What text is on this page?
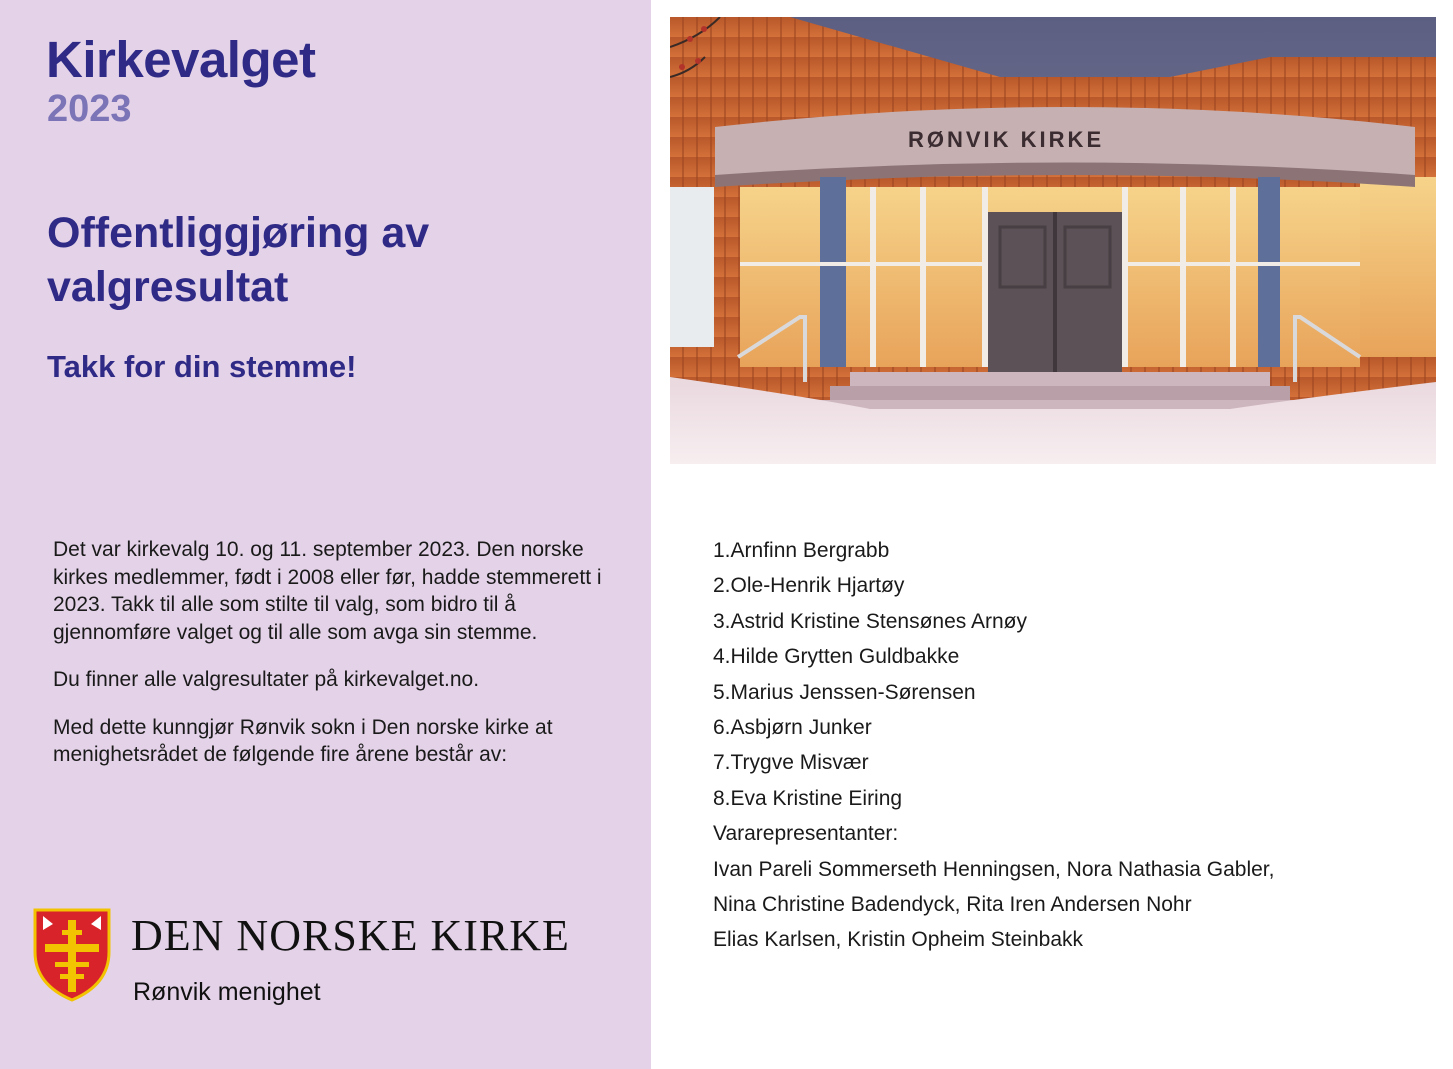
Kirkevalget
2023
Offentliggjøring av valgresultat
Takk for din stemme!

Det var kirkevalg 10. og 11. september 2023. Den norske kirkes medlemmer, født i 2008 eller før, hadde stemmerett i 2023. Takk til alle som stilte til valg, som bidro til å gjennomføre valget og til alle som avga sin stemme.

Du finner alle valgresultater på kirkevalget.no.

Med dette kunngjør Rønvik sokn i Den norske kirke at menighetsrådet de følgende fire årene består av:

DEN NORSKE KIRKE
Rønvik menighet
RØNVIK KIRKE
1.Arnfinn Bergrabb
2.Ole-Henrik Hjartøy
3.Astrid Kristine Stensønes Arnøy
4.Hilde Grytten Guldbakke
5.Marius Jenssen-Sørensen
6.Asbjørn Junker
7.Trygve Misvær
8.Eva Kristine Eiring
Vararepresentanter:
Ivan Pareli Sommerseth Henningsen, Nora Nathasia Gabler,
Nina Christine Badendyck, Rita Iren Andersen Nohr
Elias Karlsen, Kristin Opheim Steinbakk
